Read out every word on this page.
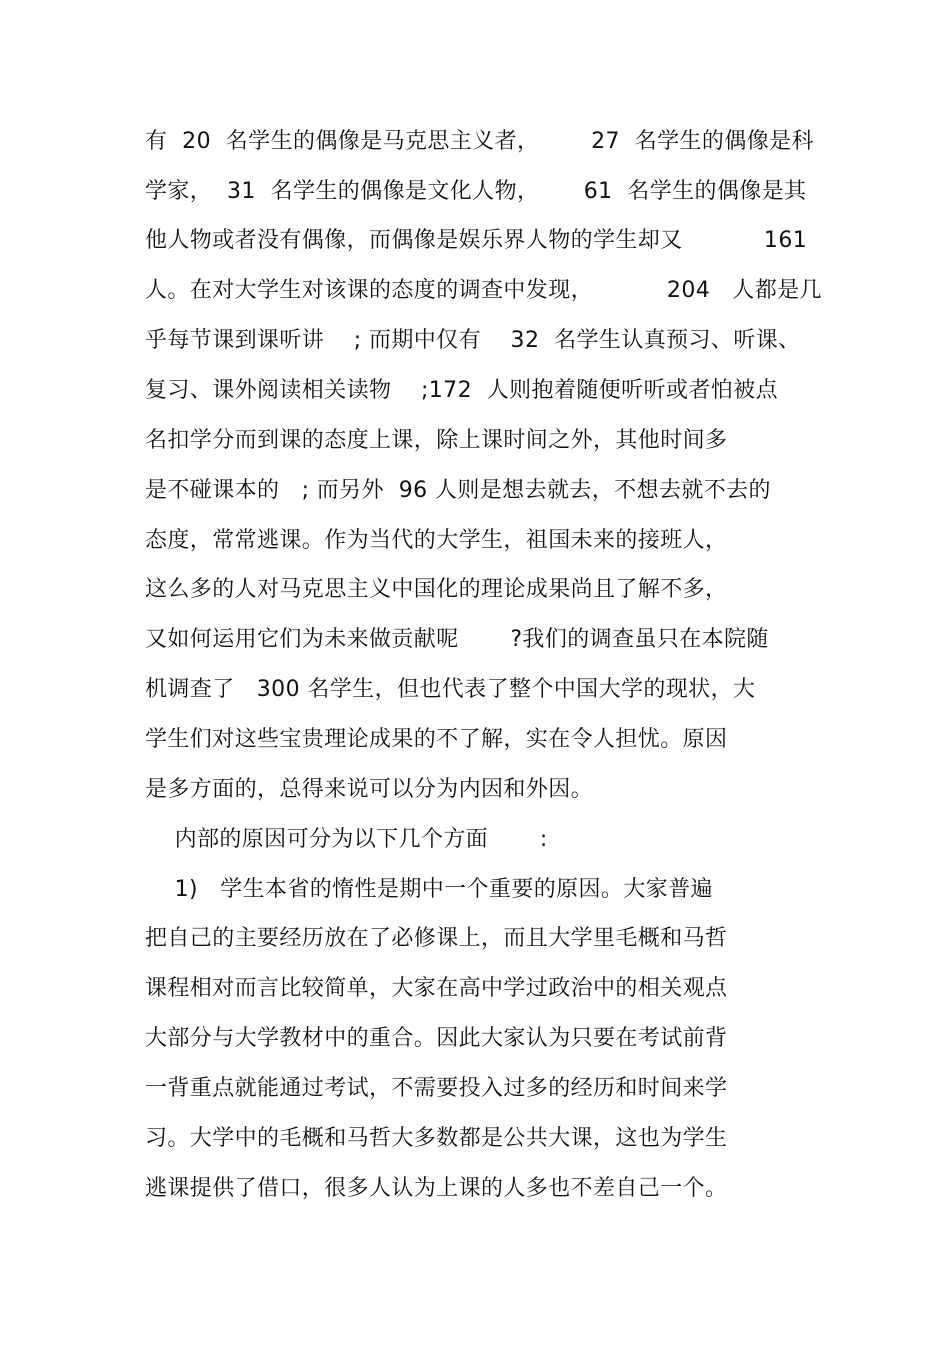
有  20  名学生的偶像是马克思主义者，       27  名学生的偶像是科
学家，  31  名学生的偶像是文化人物，      61  名学生的偶像是其
他人物或者没有偶像，而偶像是娱乐界人物的学生却又           161
人。在对大学生对该课的态度的调查中发现，          204   人都是几
乎每节课到课听讲    ; 而期中仅有    32  名学生认真预习、听课、
复习、课外阅读相关读物    ;172  人则抱着随便听听或者怕被点
名扣学分而到课的态度上课，除上课时间之外，其他时间多
是不碰课本的   ; 而另外  96 人则是想去就去，不想去就不去的
态度，常常逃课。作为当代的大学生，祖国未来的接班人，
这么多的人对马克思主义中国化的理论成果尚且了解不多，
又如何运用它们为未来做贡献呢       ?我们的调查虽只在本院随
机调查了   300 名学生，但也代表了整个中国大学的现状，大
学生们对这些宝贵理论成果的不了解，实在令人担忧。原因
是多方面的，总得来说可以分为内因和外因。
内部的原因可分为以下几个方面       :
1)   学生本省的惰性是期中一个重要的原因。大家普遍
把自己的主要经历放在了必修课上，而且大学里毛概和马哲
课程相对而言比较简单，大家在高中学过政治中的相关观点
大部分与大学教材中的重合。因此大家认为只要在考试前背
一背重点就能通过考试，不需要投入过多的经历和时间来学
习。大学中的毛概和马哲大多数都是公共大课，这也为学生
逃课提供了借口，很多人认为上课的人多也不差自己一个。
